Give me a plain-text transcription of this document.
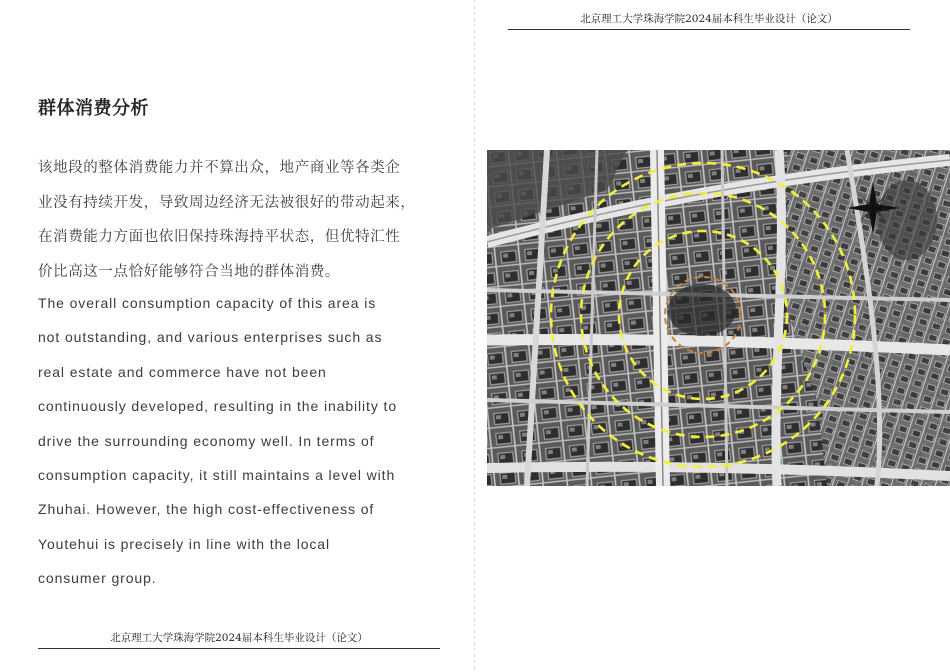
群体消费分析
该地段的整体消费能力并不算出众，地产商业等各类企
业没有持续开发，导致周边经济无法被很好的带动起来，
在消费能力方面也依旧保持珠海持平状态，但优特汇性
价比高这一点恰好能够符合当地的群体消费。
The overall consumption capacity of this area is
not outstanding, and various enterprises such as
real estate and commerce have not been
continuously developed, resulting in the inability to
drive the surrounding economy well. In terms of
consumption capacity, it still maintains a level with
Zhuhai. However, the high cost-effectiveness of
Youtehui is precisely in line with the local
consumer group.
北京理工大学珠海学院2024届本科生毕业设计（论文）
北京理工大学珠海学院2024届本科生毕业设计（论文）
